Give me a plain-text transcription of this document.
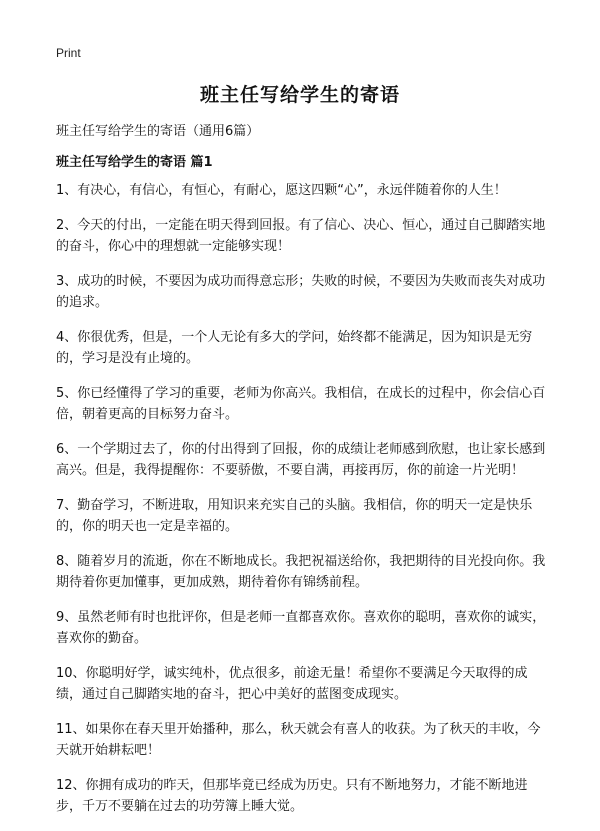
Print
班主任写给学生的寄语
班主任写给学生的寄语（通用6篇）
班主任写给学生的寄语 篇1

1、有决心，有信心，有恒心，有耐心，愿这四颗“心”，永远伴随着你的人生！

2、今天的付出，一定能在明天得到回报。有了信心、决心、恒心，通过自己脚踏实地的奋斗，你心中的理想就一定能够实现！

3、成功的时候，不要因为成功而得意忘形；失败的时候，不要因为失败而丧失对成功的追求。

4、你很优秀，但是，一个人无论有多大的学问，始终都不能满足，因为知识是无穷的，学习是没有止境的。

5、你已经懂得了学习的重要，老师为你高兴。我相信，在成长的过程中，你会信心百倍，朝着更高的目标努力奋斗。

6、一个学期过去了，你的付出得到了回报，你的成绩让老师感到欣慰，也让家长感到高兴。但是，我得提醒你：不要骄傲，不要自满，再接再厉，你的前途一片光明！

7、勤奋学习，不断进取，用知识来充实自己的头脑。我相信，你的明天一定是快乐的，你的明天也一定是幸福的。

8、随着岁月的流逝，你在不断地成长。我把祝福送给你，我把期待的目光投向你。我期待着你更加懂事，更加成熟，期待着你有锦绣前程。

9、虽然老师有时也批评你，但是老师一直都喜欢你。喜欢你的聪明，喜欢你的诚实，喜欢你的勤奋。

10、你聪明好学，诚实纯朴，优点很多，前途无量！希望你不要满足今天取得的成绩，通过自己脚踏实地的奋斗，把心中美好的蓝图变成现实。

11、如果你在春天里开始播种，那么，秋天就会有喜人的收获。为了秋天的丰收，今天就开始耕耘吧！

12、你拥有成功的昨天，但那毕竟已经成为历史。只有不断地努力，才能不断地进步，千万不要躺在过去的功劳簿上睡大觉。
